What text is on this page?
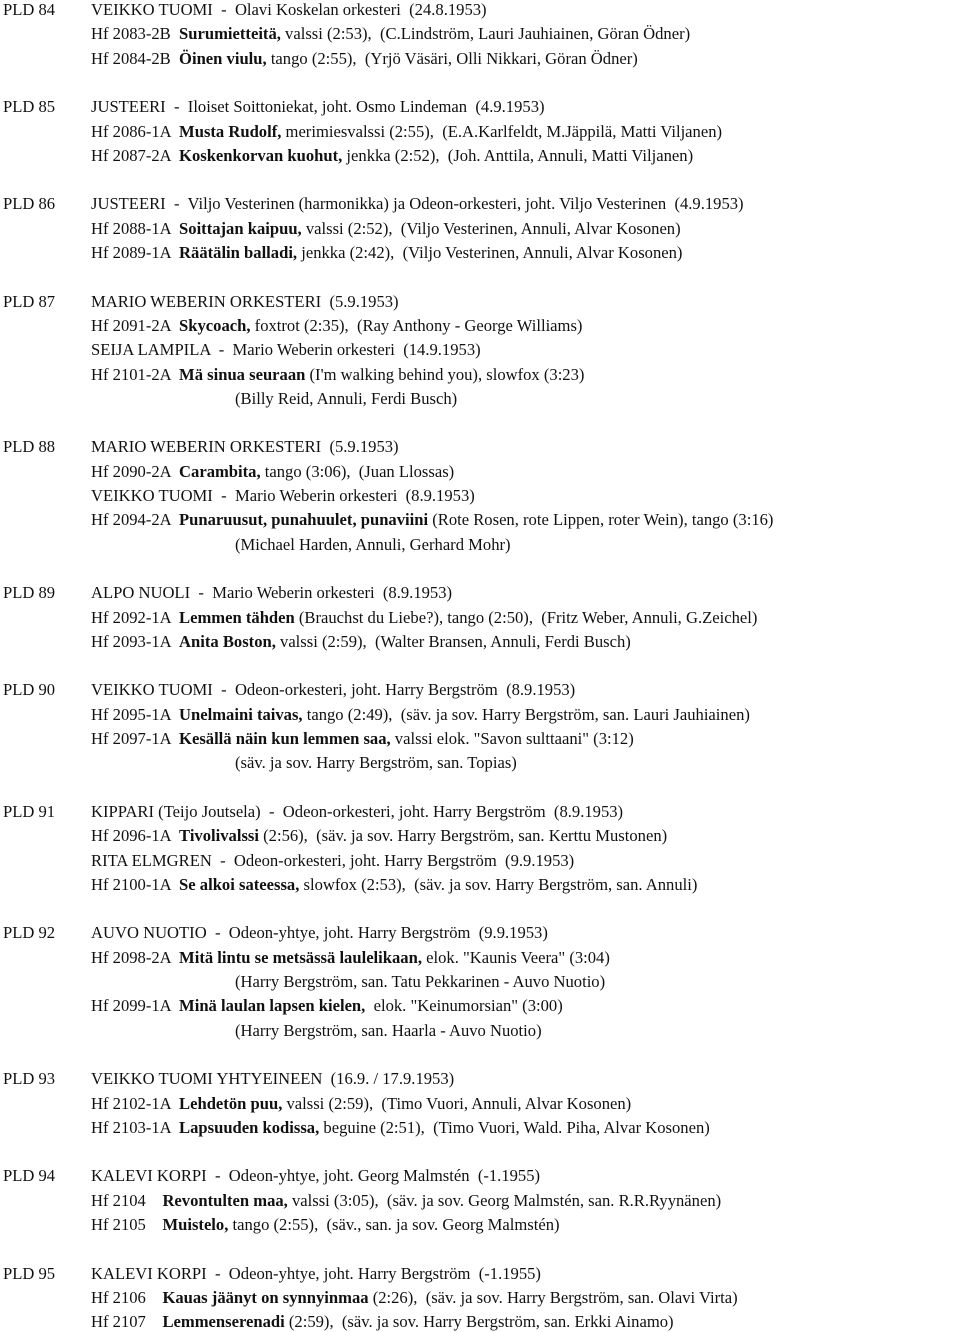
PLD 84 VEIKKO TUOMI  -  Olavi Koskelan orkesteri  (24.8.1953)
Hf 2083-2B  Surumietteitä, valssi (2:53),  (C.Lindström, Lauri Jauhiainen, Göran Ödner)
Hf 2084-2B  Öinen viulu, tango (2:55),  (Yrjö Väsäri, Olli Nikkari, Göran Ödner)
PLD 85 JUSTEERI  -  Iloiset Soittoniekat, joht. Osmo Lindeman  (4.9.1953)
Hf 2086-1A  Musta Rudolf, merimiesvalssi (2:55),  (E.A.Karlfeldt, M.Jäppilä, Matti Viljanen)
Hf 2087-2A  Koskenkorvan kuohut, jenkka (2:52),  (Joh. Anttila, Annuli, Matti Viljanen)
PLD 86 JUSTEERI  -  Viljo Vesterinen (harmonikka) ja Odeon-orkesteri, joht. Viljo Vesterinen  (4.9.1953)
Hf 2088-1A  Soittajan kaipuu, valssi (2:52),  (Viljo Vesterinen, Annuli, Alvar Kosonen)
Hf 2089-1A  Räätälin balladi, jenkka (2:42),  (Viljo Vesterinen, Annuli, Alvar Kosonen)
PLD 87 MARIO WEBERIN ORKESTERI  (5.9.1953)
Hf 2091-2A  Skycoach, foxtrot (2:35),  (Ray Anthony - George Williams)
SEIJA LAMPILA  -  Mario Weberin orkesteri  (14.9.1953)
Hf 2101-2A  Mä sinua seuraan (I'm walking behind you), slowfox (3:23)
(Billy Reid, Annuli, Ferdi Busch)
PLD 88 MARIO WEBERIN ORKESTERI  (5.9.1953)
Hf 2090-2A  Carambita, tango (3:06),  (Juan Llossas)
VEIKKO TUOMI  -  Mario Weberin orkesteri  (8.9.1953)
Hf 2094-2A  Punaruusut, punahuulet, punaviini (Rote Rosen, rote Lippen, roter Wein), tango (3:16)
(Michael Harden, Annuli, Gerhard Mohr)
PLD 89 ALPO NUOLI  -  Mario Weberin orkesteri  (8.9.1953)
Hf 2092-1A  Lemmen tähden (Brauchst du Liebe?), tango (2:50),  (Fritz Weber, Annuli, G.Zeichel)
Hf 2093-1A  Anita Boston, valssi (2:59),  (Walter Bransen, Annuli, Ferdi Busch)
PLD 90 VEIKKO TUOMI  -  Odeon-orkesteri, joht. Harry Bergström  (8.9.1953)
Hf 2095-1A  Unelmaini taivas, tango (2:49),  (säv. ja sov. Harry Bergström, san. Lauri Jauhiainen)
Hf 2097-1A  Kesällä näin kun lemmen saa, valssi elok. "Savon sulttaani" (3:12)
(säv. ja sov. Harry Bergström, san. Topias)
PLD 91 KIPPARI (Teijo Joutsela)  -  Odeon-orkesteri, joht. Harry Bergström  (8.9.1953)
Hf 2096-1A  Tivolivalssi (2:56),  (säv. ja sov. Harry Bergström, san. Kerttu Mustonen)
RITA ELMGREN  -  Odeon-orkesteri, joht. Harry Bergström  (9.9.1953)
Hf 2100-1A  Se alkoi sateessa, slowfox (2:53),  (säv. ja sov. Harry Bergström, san. Annuli)
PLD 92 AUVO NUOTIO  -  Odeon-yhtye, joht. Harry Bergström  (9.9.1953)
Hf 2098-2A  Mitä lintu se metsässä laulelikaan, elok. "Kaunis Veera" (3:04)
(Harry Bergström, san. Tatu Pekkarinen - Auvo Nuotio)
Hf 2099-1A  Minä laulan lapsen kielen,  elok. "Keinumorsian" (3:00)
(Harry Bergström, san. Haarla - Auvo Nuotio)
PLD 93 VEIKKO TUOMI YHTYEINEEN  (16.9. / 17.9.1953)
Hf 2102-1A  Lehdetön puu, valssi (2:59),  (Timo Vuori, Annuli, Alvar Kosonen)
Hf 2103-1A  Lapsuuden kodissa, beguine (2:51),  (Timo Vuori, Wald. Piha, Alvar Kosonen)
PLD 94 KALEVI KORPI  -  Odeon-yhtye, joht. Georg Malmstén  (-1.1955)
Hf 2104    Revontulten maa, valssi (3:05),  (säv. ja sov. Georg Malmstén, san. R.R.Ryynänen)
Hf 2105    Muistelo, tango (2:55),  (säv., san. ja sov. Georg Malmstén)
PLD 95 KALEVI KORPI  -  Odeon-yhtye, joht. Harry Bergström  (-1.1955)
Hf 2106    Kauas jäänyt on synnyinmaa (2:26),  (säv. ja sov. Harry Bergström, san. Olavi Virta)
Hf 2107    Lemmenserenadi (2:59),  (säv. ja sov. Harry Bergström, san. Erkki Ainamo)
